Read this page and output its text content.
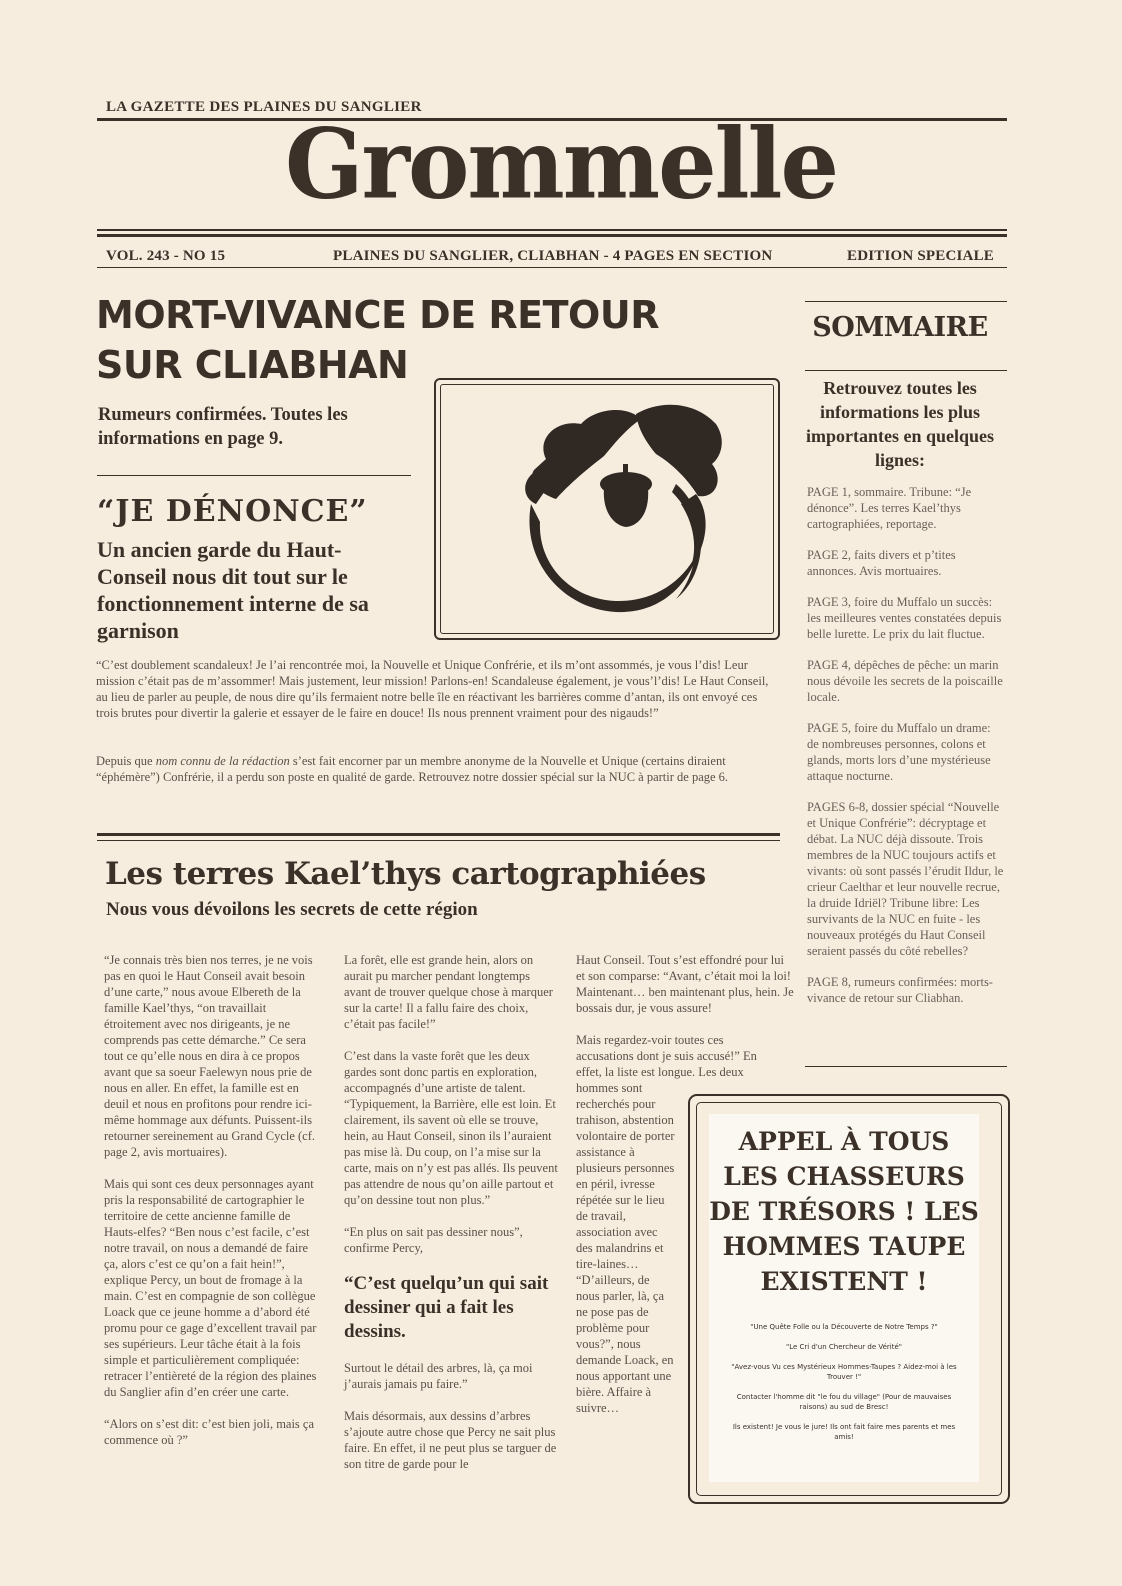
LA GAZETTE DES PLAINES DU SANGLIER
Grommelle
VOL. 243 - NO 15	PLAINES DU SANGLIER, CLIABHAN - 4 PAGES EN SECTION	EDITION SPECIALE
MORT-VIVANCE DE RETOUR SUR CLIABHAN
Rumeurs confirmées. Toutes les informations en page 9.
“JE DÉNONCE”
Un ancien garde du Haut-Conseil nous dit tout sur le fonctionnement interne de sa garnison
“C’est doublement scandaleux! Je l’ai rencontrée moi, la Nouvelle et Unique Confrérie, et ils m’ont assommés, je vous l’dis! Leur mission c’était pas de m’assommer! Mais justement, leur mission! Parlons-en! Scandaleuse également, je vous’l’dis! Le Haut Conseil, au lieu de parler au peuple, de nous dire qu’ils fermaient notre belle île en réactivant les barrières comme d’antan, ils ont envoyé ces trois brutes pour divertir la galerie et essayer de le faire en douce! Ils nous prennent vraiment pour des nigauds!”
Depuis que nom connu de la rédaction s’est fait encorner par un membre anonyme de la Nouvelle et Unique (certains diraient “éphémère”) Confrérie, il a perdu son poste en qualité de garde. Retrouvez notre dossier spécial sur la NUC à partir de page 6.
Les terres Kael’thys cartographiées
Nous vous dévoilons les secrets de cette région

“Je connais très bien nos terres, je ne vois pas en quoi le Haut Conseil avait besoin d’une carte,” nous avoue Elbereth de la famille Kael’thys, “on travaillait étroitement avec nos dirigeants, je ne comprends pas cette démarche.” Ce sera tout ce qu’elle nous en dira à ce propos avant que sa soeur Faelewyn nous prie de nous en aller. En effet, la famille est en deuil et nous en profitons pour rendre ici-même hommage aux défunts. Puissent-ils retourner sereinement au Grand Cycle (cf. page 2, avis mortuaires).

Mais qui sont ces deux personnages ayant pris la responsabilité de cartographier le territoire de cette ancienne famille de Hauts-elfes? “Ben nous c’est facile, c’est notre travail, on nous a demandé de faire ça, alors c’est ce qu’on a fait hein!”, explique Percy, un bout de fromage à la main. C’est en compagnie de son collègue Loack que ce jeune homme a d’abord été promu pour ce gage d’excellent travail par ses supérieurs. Leur tâche était à la fois simple et particulièrement compliquée: retracer l’entièreté de la région des plaines du Sanglier afin d’en créer une carte.

“Alors on s’est dit: c’est bien joli, mais ça commence où ?”

La forêt, elle est grande hein, alors on aurait pu marcher pendant longtemps avant de trouver quelque chose à marquer sur la carte! Il a fallu faire des choix, c’était pas facile!”

C’est dans la vaste forêt que les deux gardes sont donc partis en exploration, accompagnés d’une artiste de talent. “Typiquement, la Barrière, elle est loin. Et clairement, ils savent où elle se trouve, hein, au Haut Conseil, sinon ils l’auraient pas mise là. Du coup, on l’a mise sur la carte, mais on n’y est pas allés. Ils peuvent pas attendre de nous qu’on aille partout et qu’on dessine tout non plus.”

“En plus on sait pas dessiner nous”, confirme Percy,

“C’est quelqu’un qui sait dessiner qui a fait les dessins.

Surtout le détail des arbres, là, ça moi j’aurais jamais pu faire.”

Mais désormais, aux dessins d’arbres s’ajoute autre chose que Percy ne sait plus faire. En effet, il ne peut plus se targuer de son titre de garde pour le

Haut Conseil. Tout s’est effondré pour lui et son comparse: “Avant, c’était moi la loi! Maintenant… ben maintenant plus, hein. Je bossais dur, je vous assure!

Mais regardez-voir toutes ces accusations dont je suis accusé!” En effet, la liste est longue. Les deux
hommes sont recherchés pour trahison, abstention volontaire de porter assistance à plusieurs personnes en péril, ivresse répétée sur le lieu de travail, association avec des malandrins et tire-laines… “D’ailleurs, de nous parler, là, ça ne pose pas de problème pour vous?”, nous demande Loack, en nous apportant une bière. Affaire à suivre…
SOMMAIRE
Retrouvez toutes les informations les plus importantes en quelques lignes:

PAGE 1, sommaire. Tribune: “Je dénonce”. Les terres Kael’thys cartographiées, reportage.

PAGE 2, faits divers et p’tites annonces. Avis mortuaires.

PAGE 3, foire du Muffalo un succès: les meilleures ventes constatées depuis belle lurette. Le prix du lait fluctue.

PAGE 4, dépêches de pêche: un marin nous dévoile les secrets de la poiscaille locale.

PAGE 5, foire du Muffalo un drame: de nombreuses personnes, colons et glands, morts lors d’une mystérieuse attaque nocturne.

PAGES 6-8, dossier spécial “Nouvelle et Unique Confrérie”: décryptage et débat. La NUC déjà dissoute. Trois membres de la NUC toujours actifs et vivants: où sont passés l’érudit Ildur, le crieur Caelthar et leur nouvelle recrue, la druide Idriël? Tribune libre: Les survivants de la NUC en fuite - les nouveaux protégés du Haut Conseil seraient passés du côté rebelles?

PAGE 8, rumeurs confirmées: morts-vivance de retour sur Cliabhan.

APPEL À TOUS LES CHASSEURS DE TRÉSORS ! LES HOMMES TAUPE EXISTENT !
"Une Quête Folle ou la Découverte de Notre Temps ?"
"Le Cri d'un Chercheur de Vérité"
"Avez-vous Vu ces Mystérieux Hommes-Taupes ? Aidez-moi à les Trouver !"
Contacter l'homme dit "le fou du village" (Pour de mauvaises raisons) au sud de Bresc!
Ils existent! Je vous le jure! Ils ont fait faire mes parents et mes amis!
